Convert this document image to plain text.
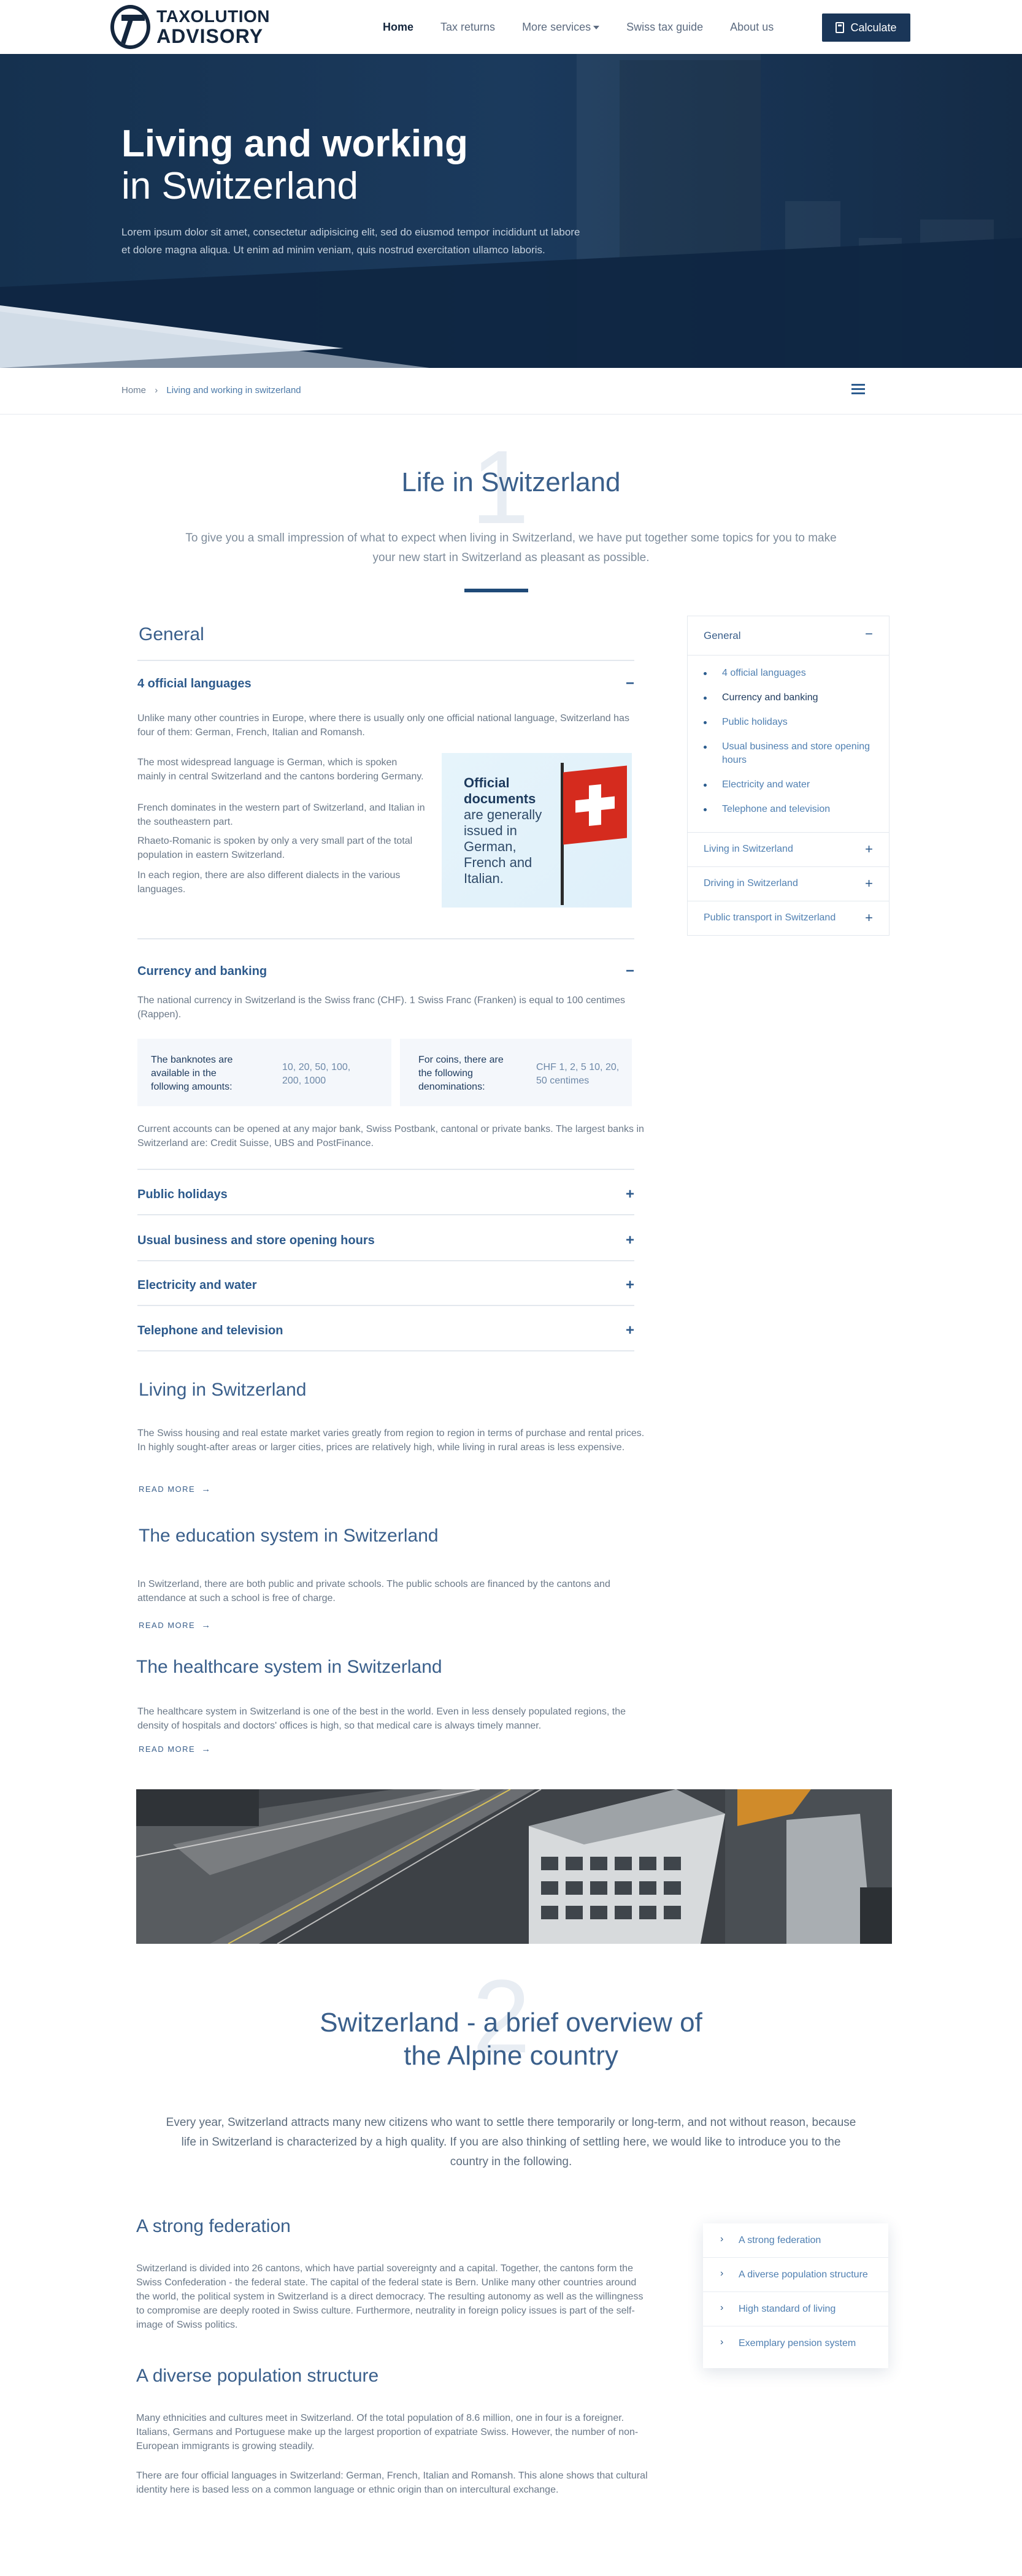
TAXOLUTION
ADVISORY	Home Tax returns More services	Swiss tax guide About us	Calculate
Living and working
in Switzerland
Lorem ipsum dolor sit amet, consectetur adipisicing elit, sed do eiusmod tempor incididunt ut labore et dolore magna aliqua. Ut enim ad minim veniam, quis nostrud exercitation ullamco laboris.
Home › Living and working in switzerland
1
Life in Switzerland
To give you a small impression of what to expect when living in Switzerland, we have put together some topics for you to make your new start in Switzerland as pleasant as possible.
General
4 official languages	−
Unlike many other countries in Europe, where there is usually only one official national language, Switzerland has four of them: German, French, Italian and Romansh.
The most widespread language is German, which is spoken mainly in central Switzerland and the cantons bordering Germany.
French dominates in the western part of Switzerland, and Italian in the southeastern part.
Rhaeto-Romanic is spoken by only a very small part of the total population in eastern Switzerland.
In each region, there are also different dialects in the various languages.
Official documents
are generally issued in German, French and Italian.
Currency and banking	−
The national currency in Switzerland is the Swiss franc (CHF). 1 Swiss Franc (Franken) is equal to 100 centimes (Rappen).
The banknotes are available in the following amounts:
10, 20, 50, 100, 200, 1000
For coins, there are the following denominations:
CHF 1, 2, 5 10, 20, 50 centimes
Current accounts can be opened at any major bank, Swiss Postbank, cantonal or private banks. The largest banks in Switzerland are: Credit Suisse, UBS and PostFinance.
Public holidays	+
Usual business and store opening hours	+
Electricity and water	+
Telephone and television	+
Living in Switzerland
The Swiss housing and real estate market varies greatly from region to region in terms of purchase and rental prices. In highly sought-after areas or larger cities, prices are relatively high, while living in rural areas is less expensive.
READ MORE →
The education system in Switzerland
In Switzerland, there are both public and private schools. The public schools are financed by the cantons and attendance at such a school is free of charge.
READ MORE →
The healthcare system in Switzerland
The healthcare system in Switzerland is one of the best in the world. Even in less densely populated regions, the density of hospitals and doctors' offices is high, so that medical care is always timely manner.
READ MORE →
General	−
4 official languages
Currency and banking
Public holidays
Usual business and store opening hours
Electricity and water
Telephone and television
Living in Switzerland	+
Driving in Switzerland	+
Public transport in Switzerland +
2
Switzerland - a brief overview of
the Alpine country
Every year, Switzerland attracts many new citizens who want to settle there temporarily or long-term, and not without reason, because life in Switzerland is characterized by a high quality. If you are also thinking of settling here, we would like to introduce you to the country in the following.
A strong federation
Switzerland is divided into 26 cantons, which have partial sovereignty and a capital. Together, the cantons form the Swiss Confederation - the federal state. The capital of the federal state is Bern. Unlike many other countries around the world, the political system in Switzerland is a direct democracy. The resulting autonomy as well as the willingness to compromise are deeply rooted in Swiss culture. Furthermore, neutrality in foreign policy issues is part of the self-image of Swiss politics.
A diverse population structure
Many ethnicities and cultures meet in Switzerland. Of the total population of 8.6 million, one in four is a foreigner. Italians, Germans and Portuguese make up the largest proportion of expatriate Swiss. However, the number of non-European immigrants is growing steadily.
There are four official languages in Switzerland: German, French, Italian and Romansh. This alone shows that cultural identity here is based less on a common language or ethnic origin than on intercultural exchange.
› A strong federation
› A diverse population structure
› High standard of living
› Exemplary pension system
